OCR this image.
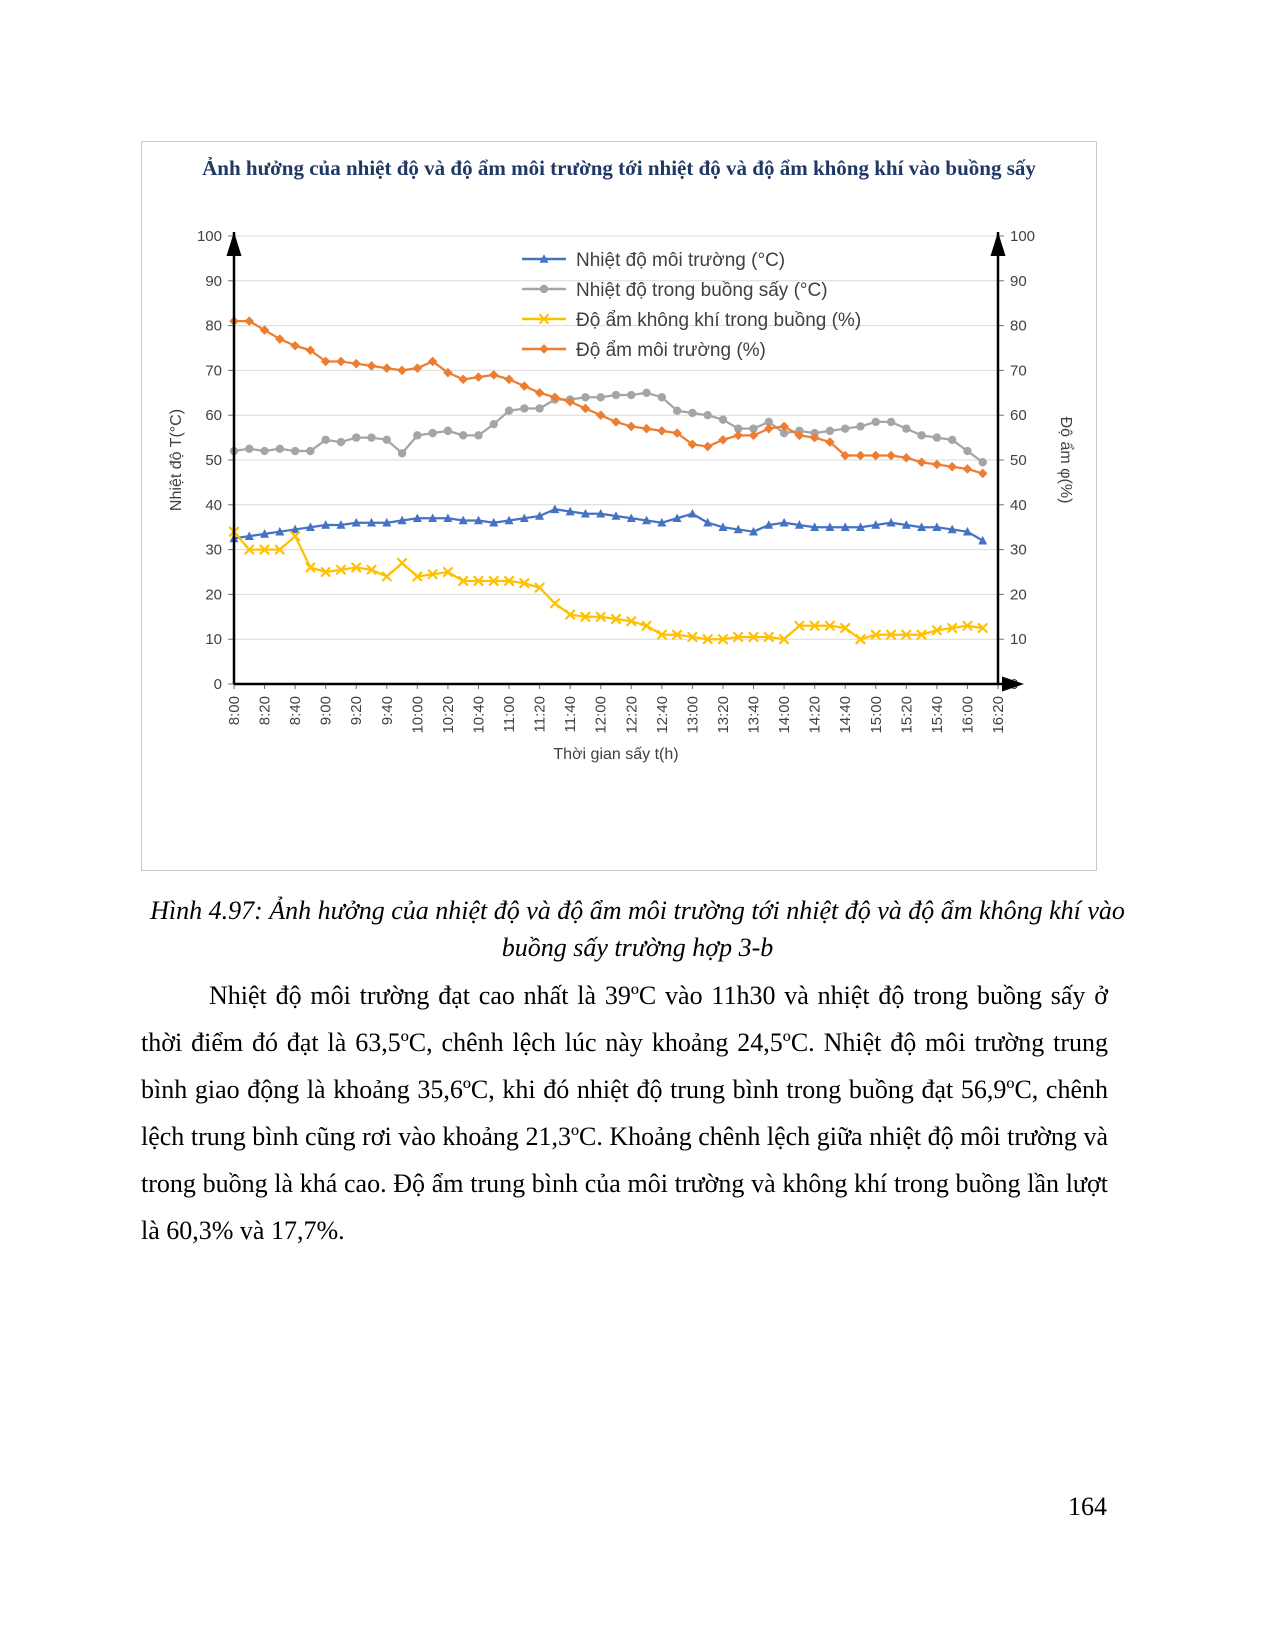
Ảnh hưởng của nhiệt độ và độ ẩm môi trường tới nhiệt độ và độ ẩm không khí vào buồng sấy
0
10	10
20	20
30	30
40	40
50	50
60	60
70	70
80	80
90	90
100	100
8:00 8:20 8:40 9:00 9:20 9:40 10:00 10:20 10:40 11:00 11:20 11:40 12:00 12:20 12:40 13:00 13:20 13:40 14:00 14:20 14:40 15:00 15:20 15:40 16:00 16:20
Nhiệt độ T(°C)	Độ ẩm φ(%)
Thời gian sấy t(h)
Nhiệt độ môi trường (°C)
Nhiệt độ trong buồng sấy (°C)
Độ ẩm không khí trong buồng (%)
Độ ẩm môi trường (%)
Hình 4.97: Ảnh hưởng của nhiệt độ và độ ẩm môi trường tới nhiệt độ và độ ẩm không khí vào buồng sấy trường hợp 3-b

Nhiệt độ môi trường đạt cao nhất là 39ºC vào 11h30 và nhiệt độ trong buồng sấy ở thời điểm đó đạt là 63,5ºC, chênh lệch lúc này khoảng 24,5ºC. Nhiệt độ môi trường trung bình giao động là khoảng 35,6ºC, khi đó nhiệt độ trung bình trong buồng đạt 56,9ºC, chênh lệch trung bình cũng rơi vào khoảng 21,3ºC. Khoảng chênh lệch giữa nhiệt độ môi trường và trong buồng là khá cao. Độ ẩm trung bình của môi trường và không khí trong buồng lần lượt là 60,3% và 17,7%.

164
